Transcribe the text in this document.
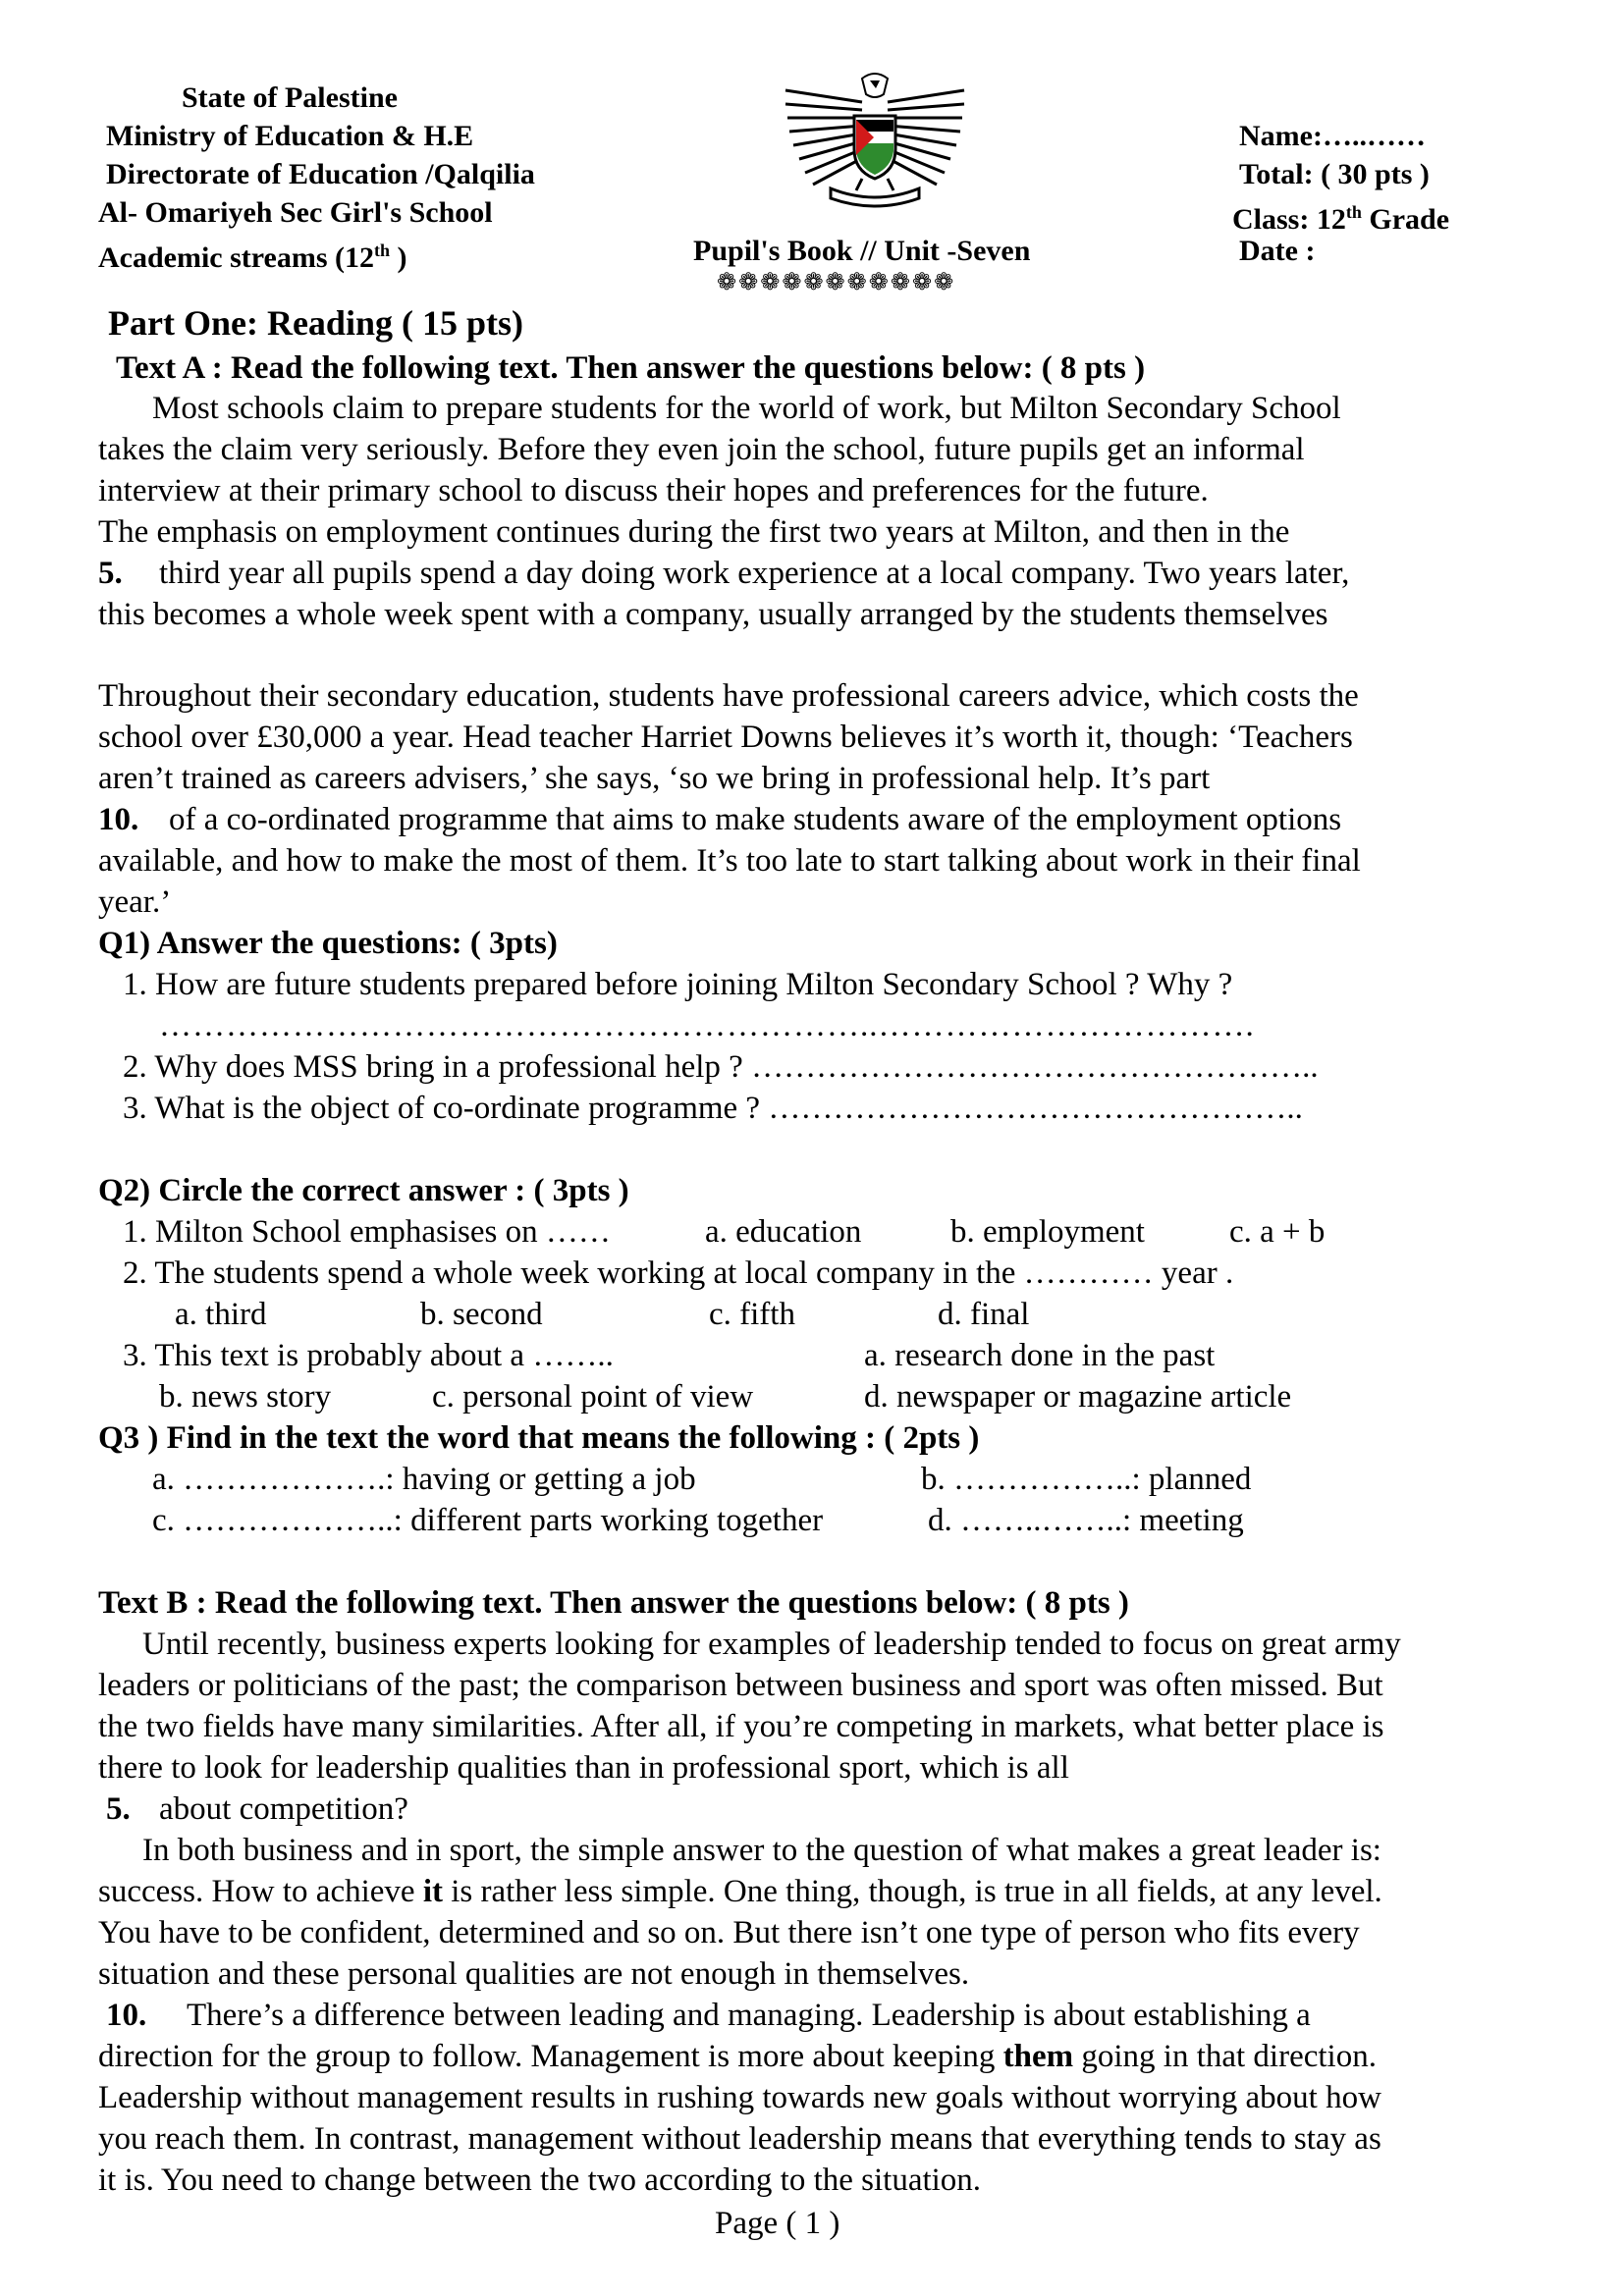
State of Palestine
Ministry of Education & H.E
Directorate of Education /Qalqilia
Al- Omariyeh Sec Girl's School
Academic streams (12th )	Pupil's Book // Unit -Seven
❁❁❁❁❁❁❁❁❁❁❁
Name:…..……
Total: ( 30 pts )
Class: 12th Grade
Date :
Part One: Reading ( 15 pts)
Text A : Read the following text. Then answer the questions below: ( 8 pts )
Most schools claim to prepare students for the world of work, but Milton Secondary School
takes the claim very seriously. Before they even join the school, future pupils get an informal
interview at their primary school to discuss their hopes and preferences for the future.
The emphasis on employment continues during the first two years at Milton, and then in the
5. third year all pupils spend a day doing work experience at a local company. Two years later,
this becomes a whole week spent with a company, usually arranged by the students themselves
Throughout their secondary education, students have professional careers advice, which costs the
school over £30,000 a year. Head teacher Harriet Downs believes it’s worth it, though: ‘Teachers
aren’t trained as careers advisers,’ she says, ‘so we bring in professional help. It’s part
10. of a co-ordinated programme that aims to make students aware of the employment options
available, and how to make the most of them. It’s too late to start talking about work in their final
year.’
Q1) Answer the questions: ( 3pts)
1. How are future students prepared before joining Milton Secondary School ? Why ?
………………………………………………………..…………………………….
2. Why does MSS bring in a professional help ? ……………………………………………..
3. What is the object of co-ordinate programme ? …………………………………………..
Q2) Circle the correct answer : ( 3pts )
1. Milton School emphasises on ……	a. education	b. employment	c. a + b
2. The students spend a whole week working at local company in the ………… year .
a. third	b. second	c. fifth	d. final
3. This text is probably about a ……..	a. research done in the past
b. news story	c. personal point of view	d. newspaper or magazine article
Q3 ) Find in the text the word that means the following : ( 2pts )
a. ……………….: having or getting a job	b. ……………..: planned
c. ………………..: different parts working together	d. ……..……..: meeting
Text B : Read the following text. Then answer the questions below: ( 8 pts )
Until recently, business experts looking for examples of leadership tended to focus on great army
leaders or politicians of the past; the comparison between business and sport was often missed. But
the two fields have many similarities. After all, if you’re competing in markets, what better place is
there to look for leadership qualities than in professional sport, which is all
5. about competition?
In both business and in sport, the simple answer to the question of what makes a great leader is:
success. How to achieve it is rather less simple. One thing, though, is true in all fields, at any level.
You have to be confident, determined and so on. But there isn’t one type of person who fits every
situation and these personal qualities are not enough in themselves.
10. There’s a difference between leading and managing. Leadership is about establishing a
direction for the group to follow. Management is more about keeping them going in that direction.
Leadership without management results in rushing towards new goals without worrying about how
you reach them. In contrast, management without leadership means that everything tends to stay as
it is. You need to change between the two according to the situation.
Page ( 1 )
